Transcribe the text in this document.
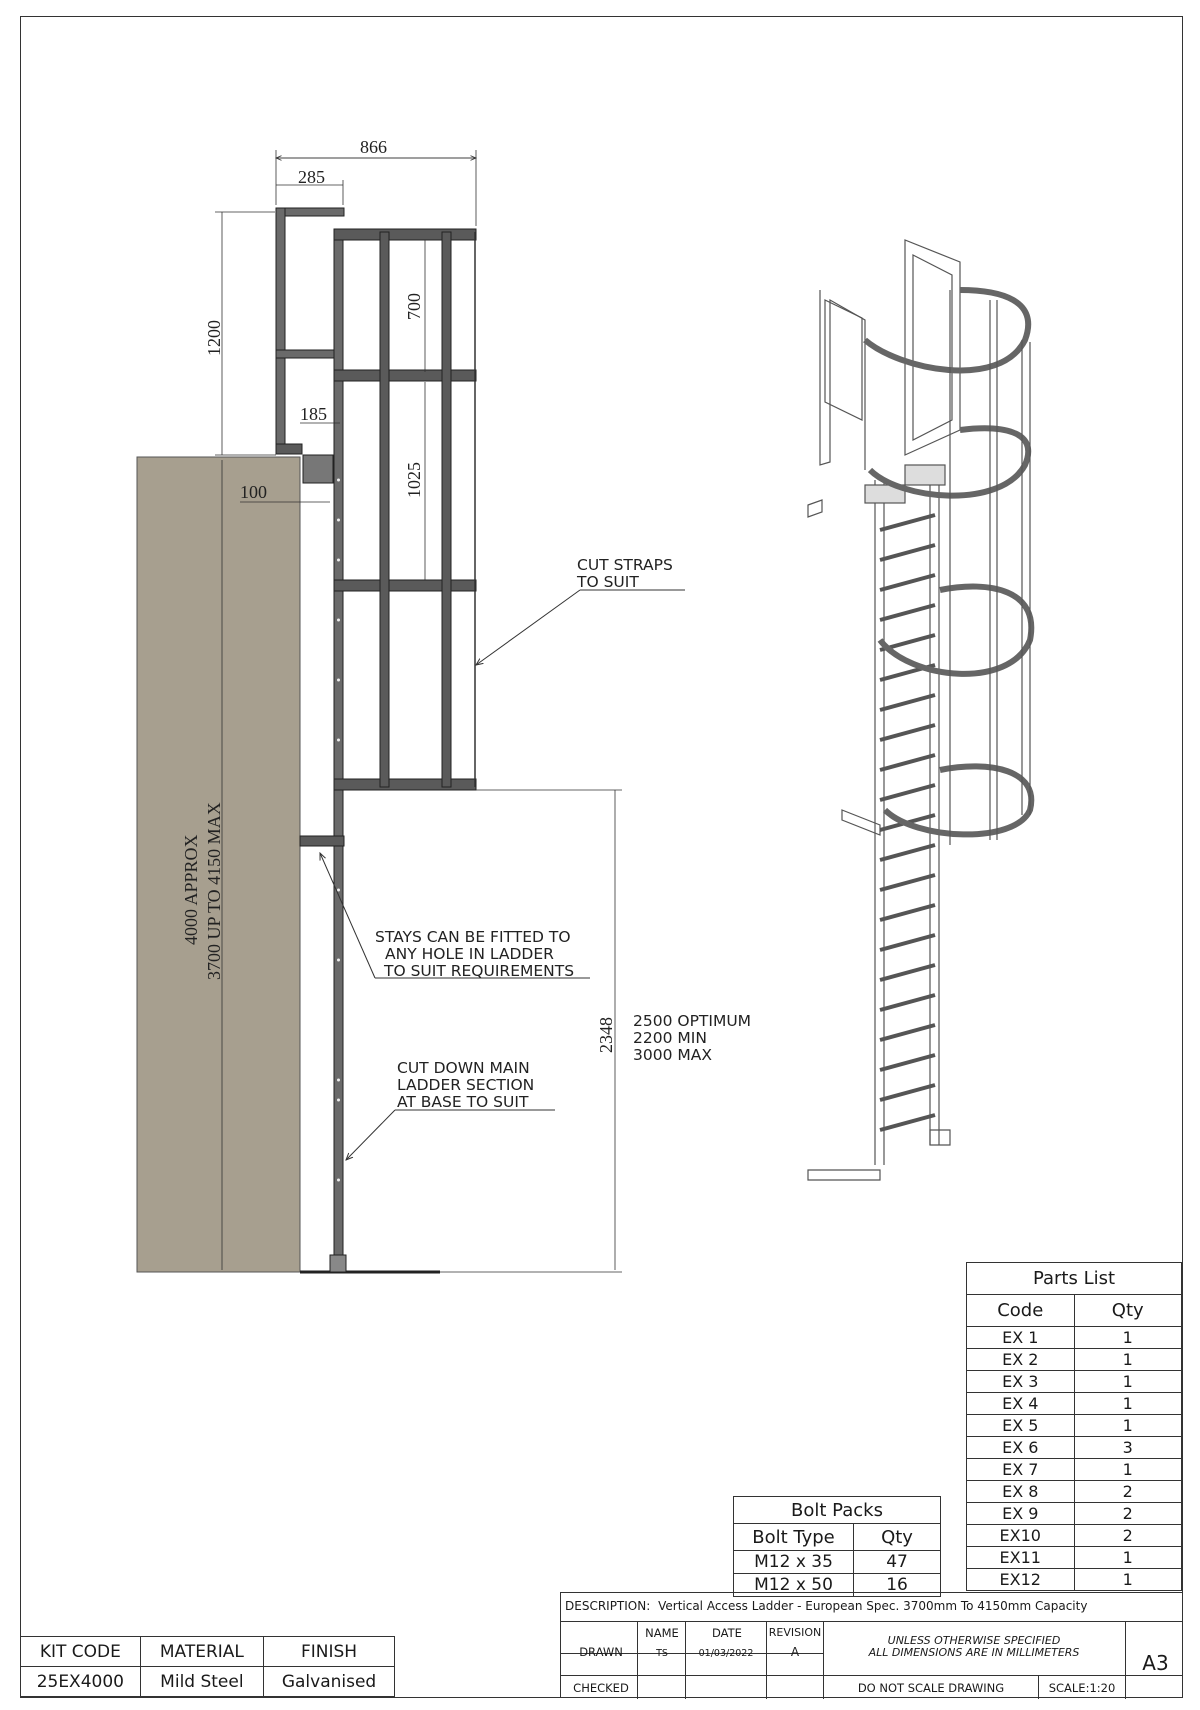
866
285
1200
700
185
1025
100
4000 APPROX 3700 UP TO 4150 MAX
2348
CUT STRAPS
TO SUIT
STAYS CAN BE FITTED TO
ANY HOLE IN LADDER
TO SUIT REQUIREMENTS
CUT DOWN MAIN
LADDER SECTION
AT BASE TO SUIT
2500 OPTIMUM
2200 MIN
3000 MAX
Parts List	
Code	Qty
EX 1	1
EX 2	1
EX 3	1
EX 4	1
EX 5	1
EX 6	3
EX 7	1
EX 8	2
EX 9	2
EX10	2
EX11	1
EX12	1
Bolt Packs	
Bolt Type	Qty
M12 x 35	47
M12 x 50	16
DESCRIPTION: Vertical Access Ladder - European Spec. 3700mm To 4150mm Capacity
NAME	DATE	REVISION
DRAWN	TS	01/03/2022	A
CHECKED
UNLESS OTHERWISE SPECIFIED
ALL DIMENSIONS ARE IN MILLIMETERS
DO NOT SCALE DRAWING	SCALE:1:20
A3
KIT CODE	MATERIAL	FINISH
25EX4000	Mild Steel	Galvanised
